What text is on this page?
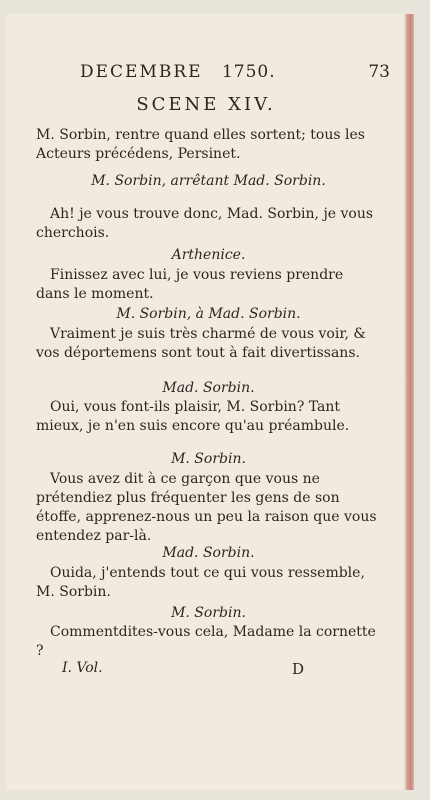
DECEMBRE 1750.	73
SCENE XIV.
M. Sorbin, rentre quand elles sortent; tous les Acteurs précédens, Persinet.
M. Sorbin, arrêtant Mad. Sorbin.
Ah! je vous trouve donc, Mad. Sorbin, je vous cherchois.
Arthenice.
Finissez avec lui, je vous reviens prendre dans le moment.
M. Sorbin, à Mad. Sorbin.
Vraiment je suis très charmé de vous voir, & vos déportemens sont tout à fait divertissans.
Mad. Sorbin.
Oui, vous font-ils plaisir, M. Sorbin? Tant mieux, je n'en suis encore qu'au préambule.
M. Sorbin.
Vous avez dit à ce garçon que vous ne prétendiez plus fréquenter les gens de son étoffe, apprenez-nous un peu la raison que vous entendez par-là.
Mad. Sorbin.
Ouida, j'entends tout ce qui vous ressemble, M. Sorbin.
M. Sorbin.
Commentdites-vous cela, Madame la cornette ?
I. Vol.	D
